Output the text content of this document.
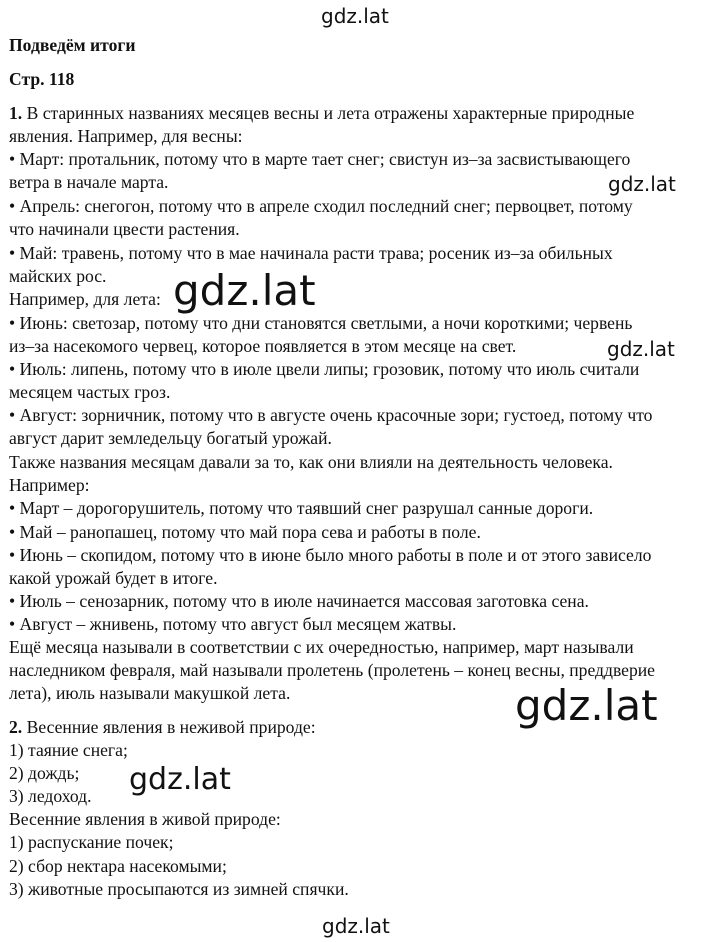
gdz.lat
gdz.lat
gdz.lat
gdz.lat
gdz.lat
gdz.lat
gdz.lat
Подведём итоги
Стр. 118
1. В старинных названиях месяцев весны и лета отражены характерные природные
явления. Например, для весны:
• Март: протальник, потому что в марте тает снег; свистун из–за засвистывающего
ветра в начале марта.
• Апрель: снегогон, потому что в апреле сходил последний снег; первоцвет, потому
что начинали цвести растения.
• Май: травень, потому что в мае начинала расти трава; росеник из–за обильных
майских рос.
Например, для лета:
• Июнь: светозар, потому что дни становятся светлыми, а ночи короткими; червень
из–за насекомого червец, которое появляется в этом месяце на свет.
• Июль: липень, потому что в июле цвели липы; грозовик, потому что июль считали
месяцем частых гроз.
• Август: зорничник, потому что в августе очень красочные зори; густоед, потому что
август дарит земледельцу богатый урожай.
Также названия месяцам давали за то, как они влияли на деятельность человека.
Например:
• Март – дорогорушитель, потому что таявший снег разрушал санные дороги.
• Май – ранопашец, потому что май пора сева и работы в поле.
• Июнь – скопидом, потому что в июне было много работы в поле и от этого зависело
какой урожай будет в итоге.
• Июль – сенозарник, потому что в июле начинается массовая заготовка сена.
• Август – жнивень, потому что август был месяцем жатвы.
Ещё месяца называли в соответствии с их очередностью, например, март называли
наследником февраля, май называли пролетень (пролетень – конец весны, преддверие
лета), июль называли макушкой лета.
2. Весенние явления в неживой природе:
1) таяние снега;
2) дождь;
3) ледоход.
Весенние явления в живой природе:
1) распускание почек;
2) сбор нектара насекомыми;
3) животные просыпаются из зимней спячки.
